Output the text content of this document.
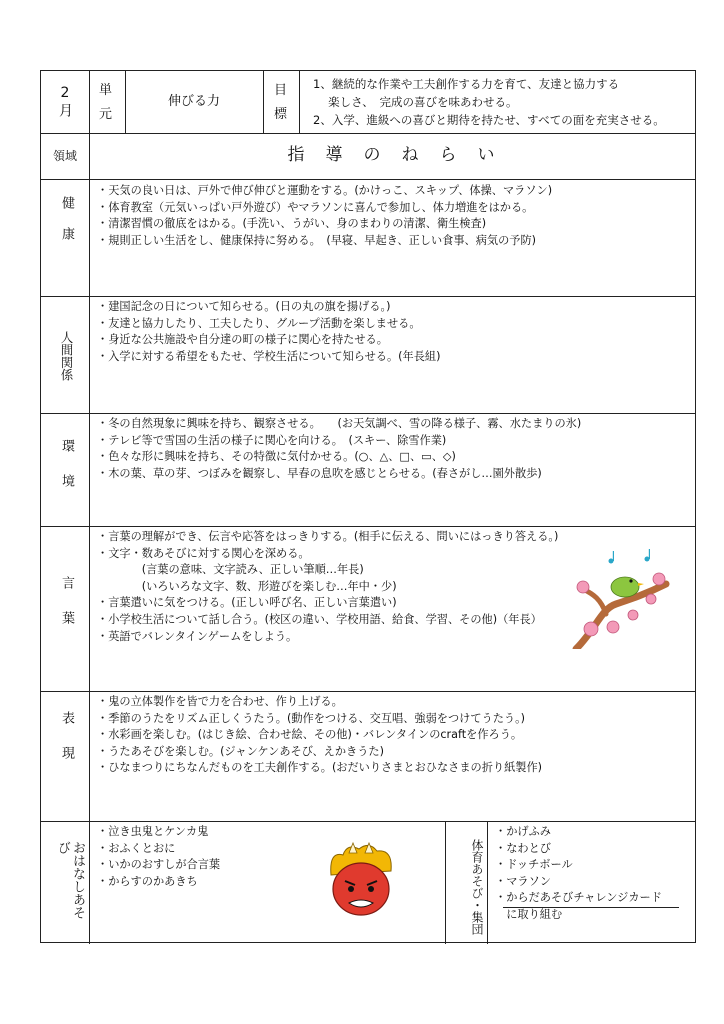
2月 単
元
伸びる力
目
標
1、継続的な作業や工夫創作する力を育て、友達と協力する
　 楽しさ、　完成の喜びを味あわせる。
2、入学、進級への喜びと期待を持たせ、すべての面を充実させる。
領域	指　導　の　ね　ら　い
健康
・天気の良い日は、戸外で伸び伸びと運動をする。(かけっこ、スキップ、体操、マラソン)
・体育教室（元気いっぱい戸外遊び）やマラソンに喜んで参加し、体力増進をはかる。
・清潔習慣の徹底をはかる。(手洗い、うがい、身のまわりの清潔、衛生検査)
・規則正しい生活をし、健康保持に努める。　(早寝、早起き、正しい食事、病気の予防)
人間関係
・建国記念の日について知らせる。(日の丸の旗を揚げる。)
・友達と協力したり、工夫したり、グループ活動を楽しませる。
・身近な公共施設や自分達の町の様子に関心を持たせる。
・入学に対する希望をもたせ、学校生活について知らせる。(年長組)
環境
・冬の自然現象に興味を持ち、観察させる。　　(お天気調べ、雪の降る様子、霧、水たまりの氷)
・テレビ等で雪国の生活の様子に関心を向ける。　(スキー、除雪作業)
・色々な形に興味を持ち、その特徴に気付かせる。(○、△、□、▭、◇)
・木の葉、草の芽、つぼみを観察し、早春の息吹を感じとらせる。(春さがし…園外散歩)
言葉
・言葉の理解ができ、伝言や応答をはっきりする。(相手に伝える、問いにはっきり答える。)
・文字・数あそびに対する関心を深める。
　　　　(言葉の意味、文字読み、正しい筆順…年長)
　　　　(いろいろな文字、数、形遊びを楽しむ…年中・少)
・言葉遣いに気をつける。(正しい呼び名、正しい言葉遣い)
・小学校生活について話し合う。(校区の違い、学校用語、給食、学習、その他)（年長）
・英語でバレンタインゲームをしよう。
表現
・鬼の立体製作を皆で力を合わせ、作り上げる。
・季節のうたをリズム正しくうたう。(動作をつける、交互唱、強弱をつけてうたう。)
・水彩画を楽しむ。(はじき絵、合わせ絵、その他)・バレンタインのcraftを作ろう。
・うたあそびを楽しむ。(ジャンケンあそび、えかきうた)
・ひなまつりにちなんだものを工夫創作する。(おだいりさまとおひなさまの折り紙製作)
おはなしあそび
・泣き虫鬼とケンカ鬼
・おふくとおに
・いかのおすしが合言葉
・からすのかあきち	体育あそび・集団
・かげふみ
・なわとび
・ドッチボール
・マラソン
・からだあそびチャレンジカード
　に取り組む
